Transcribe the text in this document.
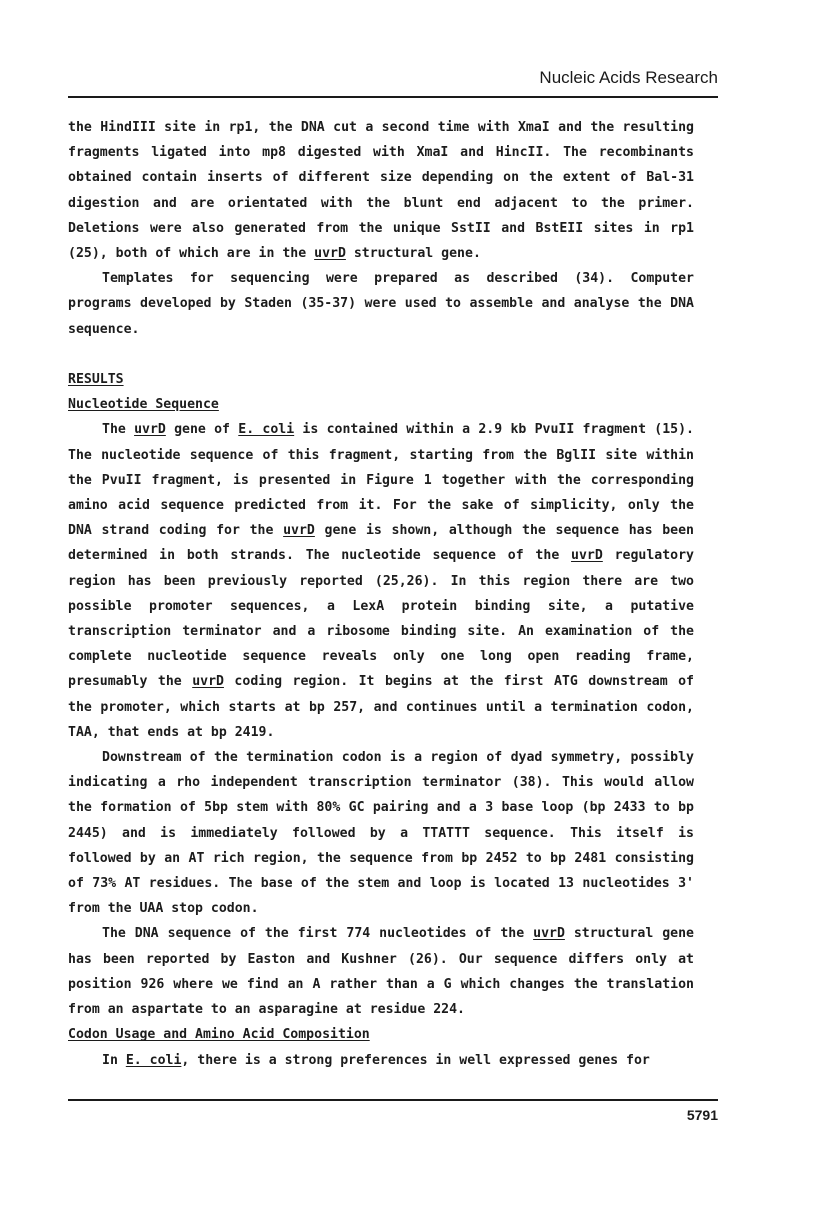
Nucleic Acids Research

the HindIII site in rp1, the DNA cut a second time with XmaI and the resulting fragments ligated into mp8 digested with XmaI and HincII. The recombinants obtained contain inserts of different size depending on the extent of Bal-31 digestion and are orientated with the blunt end adjacent to the primer. Deletions were also generated from the unique SstII and BstEII sites in rp1 (25), both of which are in the uvrD structural gene.

Templates for sequencing were prepared as described (34). Computer programs developed by Staden (35-37) were used to assemble and analyse the DNA sequence.

RESULTS

Nucleotide Sequence

The uvrD gene of E. coli is contained within a 2.9 kb PvuII fragment (15). The nucleotide sequence of this fragment, starting from the BglII site within the PvuII fragment, is presented in Figure 1 together with the corresponding amino acid sequence predicted from it. For the sake of simplicity, only the DNA strand coding for the uvrD gene is shown, although the sequence has been determined in both strands. The nucleotide sequence of the uvrD regulatory region has been previously reported (25,26). In this region there are two possible promoter sequences, a LexA protein binding site, a putative transcription terminator and a ribosome binding site. An examination of the complete nucleotide sequence reveals only one long open reading frame, presumably the uvrD coding region. It begins at the first ATG downstream of the promoter, which starts at bp 257, and continues until a termination codon, TAA, that ends at bp 2419.

Downstream of the termination codon is a region of dyad symmetry, possibly indicating a rho independent transcription terminator (38). This would allow the formation of 5bp stem with 80% GC pairing and a 3 base loop (bp 2433 to bp 2445) and is immediately followed by a TTATTT sequence. This itself is followed by an AT rich region, the sequence from bp 2452 to bp 2481 consisting of 73% AT residues. The base of the stem and loop is located 13 nucleotides 3' from the UAA stop codon.

The DNA sequence of the first 774 nucleotides of the uvrD structural gene has been reported by Easton and Kushner (26). Our sequence differs only at position 926 where we find an A rather than a G which changes the translation from an aspartate to an asparagine at residue 224.

Codon Usage and Amino Acid Composition

In E. coli, there is a strong preferences in well expressed genes for

5791
